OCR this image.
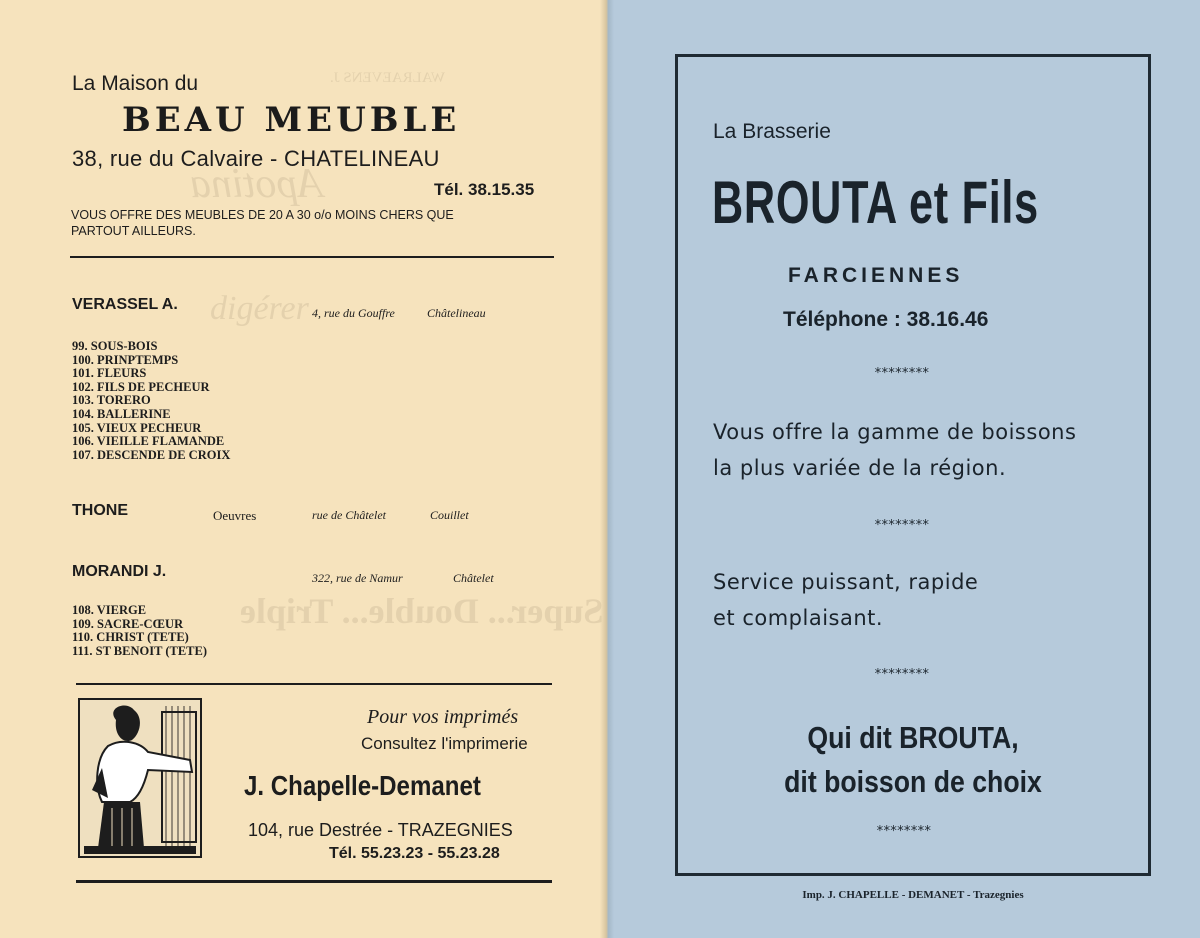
WALRAEVENS J.
Apotina
digérer
Super... Double... Triple
La Maison du
BEAU MEUBLE
38, rue du Calvaire - CHATELINEAU
Tél. 38.15.35
VOUS OFFRE DES MEUBLES DE 20 A 30 o/o MOINS CHERS QUE
PARTOUT AILLEURS.
VERASSEL A.	4, rue du Gouffre	Châtelineau
99. SOUS-BOIS
100. PRINPTEMPS
101. FLEURS
102. FILS DE PECHEUR
103. TORERO
104. BALLERINE
105. VIEUX PECHEUR
106. VIEILLE FLAMANDE
107. DESCENDE DE CROIX
THONE	Oeuvres	rue de Châtelet	Couillet
MORANDI J.	322, rue de Namur	Châtelet
108. VIERGE
109. SACRE-CŒUR
110. CHRIST (TETE)
111. ST BENOIT (TETE)
Pour vos imprimés
Consultez l'imprimerie
J. Chapelle-Demanet
104, rue Destrée - TRAZEGNIES
Tél. 55.23.23 - 55.23.28
La Brasserie
BROUTA et Fils
FARCIENNES
Téléphone : 38.16.46
********
Vous offre la gamme de boissons
la plus variée de la région.
********
Service puissant, rapide
et complaisant.
********
Qui dit BROUTA,
dit boisson de choix
********
Imp. J. CHAPELLE - DEMANET - Trazegnies
